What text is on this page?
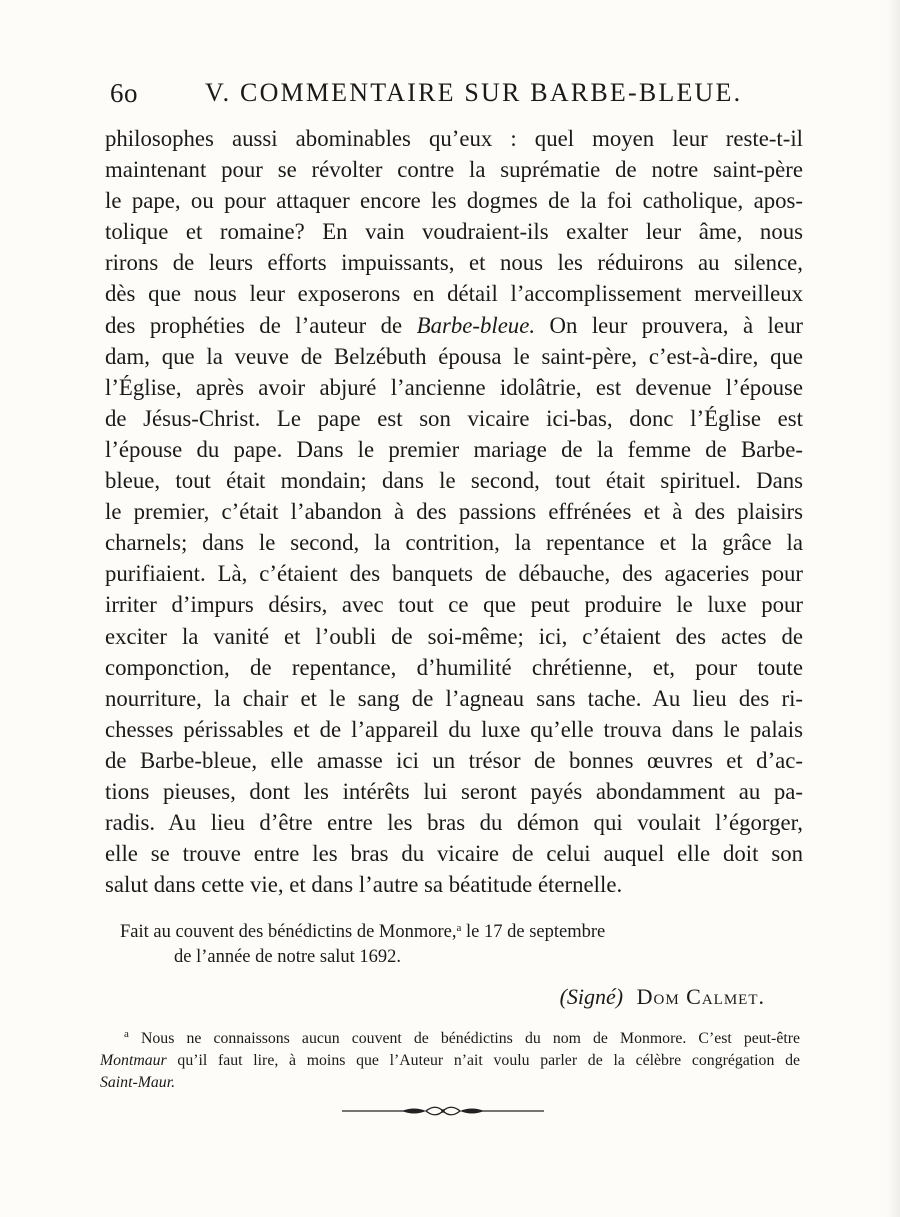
6o	V. COMMENTAIRE SUR BARBE-BLEUE.
philosophes aussi abominables qu’eux : quel moyen leur reste-t-il
maintenant pour se révolter contre la suprématie de notre saint-père
le pape, ou pour attaquer encore les dogmes de la foi catholique, apos-
tolique et romaine? En vain voudraient-ils exalter leur âme, nous
rirons de leurs efforts impuissants, et nous les réduirons au silence,
dès que nous leur exposerons en détail l’accomplissement merveilleux
des prophéties de l’auteur de Barbe-bleue. On leur prouvera, à leur
dam, que la veuve de Belzébuth épousa le saint-père, c’est-à-dire, que
l’Église, après avoir abjuré l’ancienne idolâtrie, est devenue l’épouse
de Jésus-Christ. Le pape est son vicaire ici-bas, donc l’Église est
l’épouse du pape. Dans le premier mariage de la femme de Barbe-
bleue, tout était mondain; dans le second, tout était spirituel. Dans
le premier, c’était l’abandon à des passions effrénées et à des plaisirs
charnels; dans le second, la contrition, la repentance et la grâce la
purifiaient. Là, c’étaient des banquets de débauche, des agaceries pour
irriter d’impurs désirs, avec tout ce que peut produire le luxe pour
exciter la vanité et l’oubli de soi-même; ici, c’étaient des actes de
componction, de repentance, d’humilité chrétienne, et, pour toute
nourriture, la chair et le sang de l’agneau sans tache. Au lieu des ri-
chesses périssables et de l’appareil du luxe qu’elle trouva dans le palais
de Barbe-bleue, elle amasse ici un trésor de bonnes œuvres et d’ac-
tions pieuses, dont les intérêts lui seront payés abondamment au pa-
radis. Au lieu d’être entre les bras du démon qui voulait l’égorger,
elle se trouve entre les bras du vicaire de celui auquel elle doit son
salut dans cette vie, et dans l’autre sa béatitude éternelle.
Fait au couvent des bénédictins de Monmore,$^a$ le 17 de septembre
de l’année de notre salut 1692.
(Signé) Dom Calmet.
$^a$ Nous ne connaissons aucun couvent de bénédictins du nom de Monmore. C’est peut-être
Montmaur qu’il faut lire, à moins que l’Auteur n’ait voulu parler de la célèbre congrégation de
Saint-Maur.
